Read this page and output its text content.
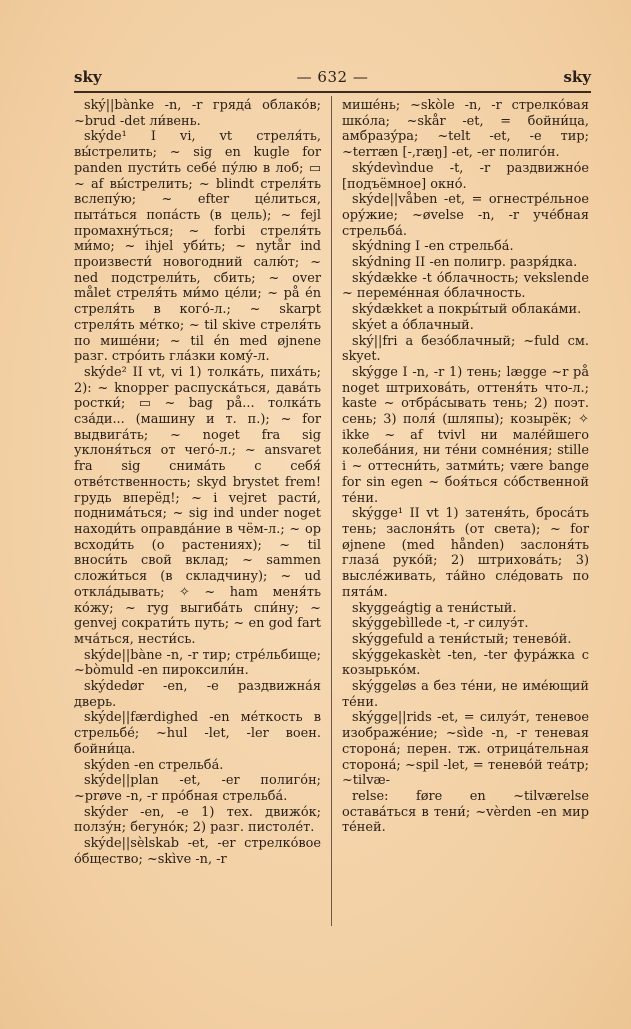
sky	— 632 —	sky

ský||bànke -n, -r гряда́ облако́в; ~brud -det ли́вень.

skýde¹ I vi, vt стреля́ть, вы́стрелить; ~ sig en kugle for panden пусти́ть себе́ пу́лю в лоб; ▭ ~ af вы́стрелить; ~ blindt стреля́ть вслепу́ю; ~ efter це́литься, пыта́ться попа́сть (в цель); ~ fejl промахну́ться; ~ forbi стреля́ть ми́мо; ~ ihjel уби́ть; ~ nytår ind произвести́ новогодний салю́т; ~ ned подстрели́ть, сбить; ~ over målet стреля́ть ми́мо це́ли; ~ på én стреля́ть в кого́-л.; ~ skarpt стреля́ть ме́тко; ~ til skive стреля́ть по мише́ни; ~ til én med øjnene разг. стро́ить гла́зки кому́-л.

skýde² II vt, vi 1) толка́ть, пиха́ть; 2): ~ knopper распуска́ться, дава́ть ростки́; ▭ ~ bag på... толка́ть сза́ди... (машину и т. п.); ~ for выдвига́ть; ~ noget fra sig уклоня́ться от чего́-л.; ~ ansvaret fra sig снима́ть с себя́ отве́тственность; skyd brystet frem! грудь вперёд!; ~ i vejret расти́, поднима́ться; ~ sig ind under noget находи́ть оправда́ние в чём-л.; ~ op всходи́ть (о растениях); ~ til вноси́ть свой вклад; ~ sammen сложи́ться (в складчину); ~ ud откла́дывать; ✧ ~ ham меня́ть ко́жу; ~ ryg выгиба́ть спи́ну; ~ genvej сократи́ть путь; ~ en god fart мча́ться, нести́сь.

skýde||bàne -n, -r тир; стре́льбище; ~bòmuld -en пироксили́н.

skýdedør -en, -e раздвижна́я дверь.

skýde||færdighed -en ме́ткость в стрельбе́; ~hul -let, -ler воен. бойни́ца.

skýden -en стрельба́.

skýde||plan -et, -er полиго́н; ~prøve -n, -r про́бная стрельба́.

skýder -en, -e 1) тех. движо́к; ползу́н; бегуно́к; 2) разг. пистоле́т.

skýde||sèlskab -et, -er стрелко́вое о́бщество; ~skìve -n, -r

мише́нь; ~skòle -n, -r стрелко́вая шко́ла; ~skår -et, = бойни́ца, амбразу́ра; ~telt -et, -e тир; ~terræn [-,ræŋ] -et, -er полиго́н.

skýdevìndue -t, -r раздвижно́е [подъёмное] окно́.

skýde||våben -et, = огнестре́льное ору́жие; ~øvelse -n, -r уче́бная стрельба́.

skýdning I -en стрельба́.

skýdning II -en полигр. разря́дка.

skýdække -t о́блачность; vekslende ~ переме́нная о́блачность.

skýdækket a покры́тый облака́ми.

skýet a о́блачный.

ský||fri a безо́блачный; ~fuld см. skyet.

skýgge I -n, -r 1) тень; lægge ~r på noget штрихова́ть, оттеня́ть что-л.; kaste ~ отбра́сывать тень; 2) поэт. сень; 3) поля́ (шляпы); козырёк; ✧ ikke ~ af tvivl ни мале́йшего колеба́ния, ни те́ни сомне́ния; stille i ~ оттесни́ть, затми́ть; være bange for sin egen ~ боя́ться со́бственной те́ни.

skýgge¹ II vt 1) затеня́ть, броса́ть тень; заслоня́ть (от света); ~ for øjnene (med hånden) заслоня́ть глаза́ руко́й; 2) штрихова́ть; 3) высле́живать, та́йно сле́довать по пята́м.

skyggeágtig a тени́стый.

skýggebìllede -t, -r силуэ́т.

skýggefuld a тени́стый; тенево́й.

skýggekaskèt -ten, -ter фура́жка с козырько́м.

skýggeløs a без те́ни, не име́ющий те́ни.

skýgge||rids -et, = силуэ́т, теневое изображе́ние; ~sìde -n, -r теневая сторона́; перен. тж. отрица́тельная сторона́; ~spil -let, = тенево́й теа́тр; ~tilvæ-

relse: føre en ~tilværelse остава́ться в тени́; ~vèrden -en мир те́ней.
